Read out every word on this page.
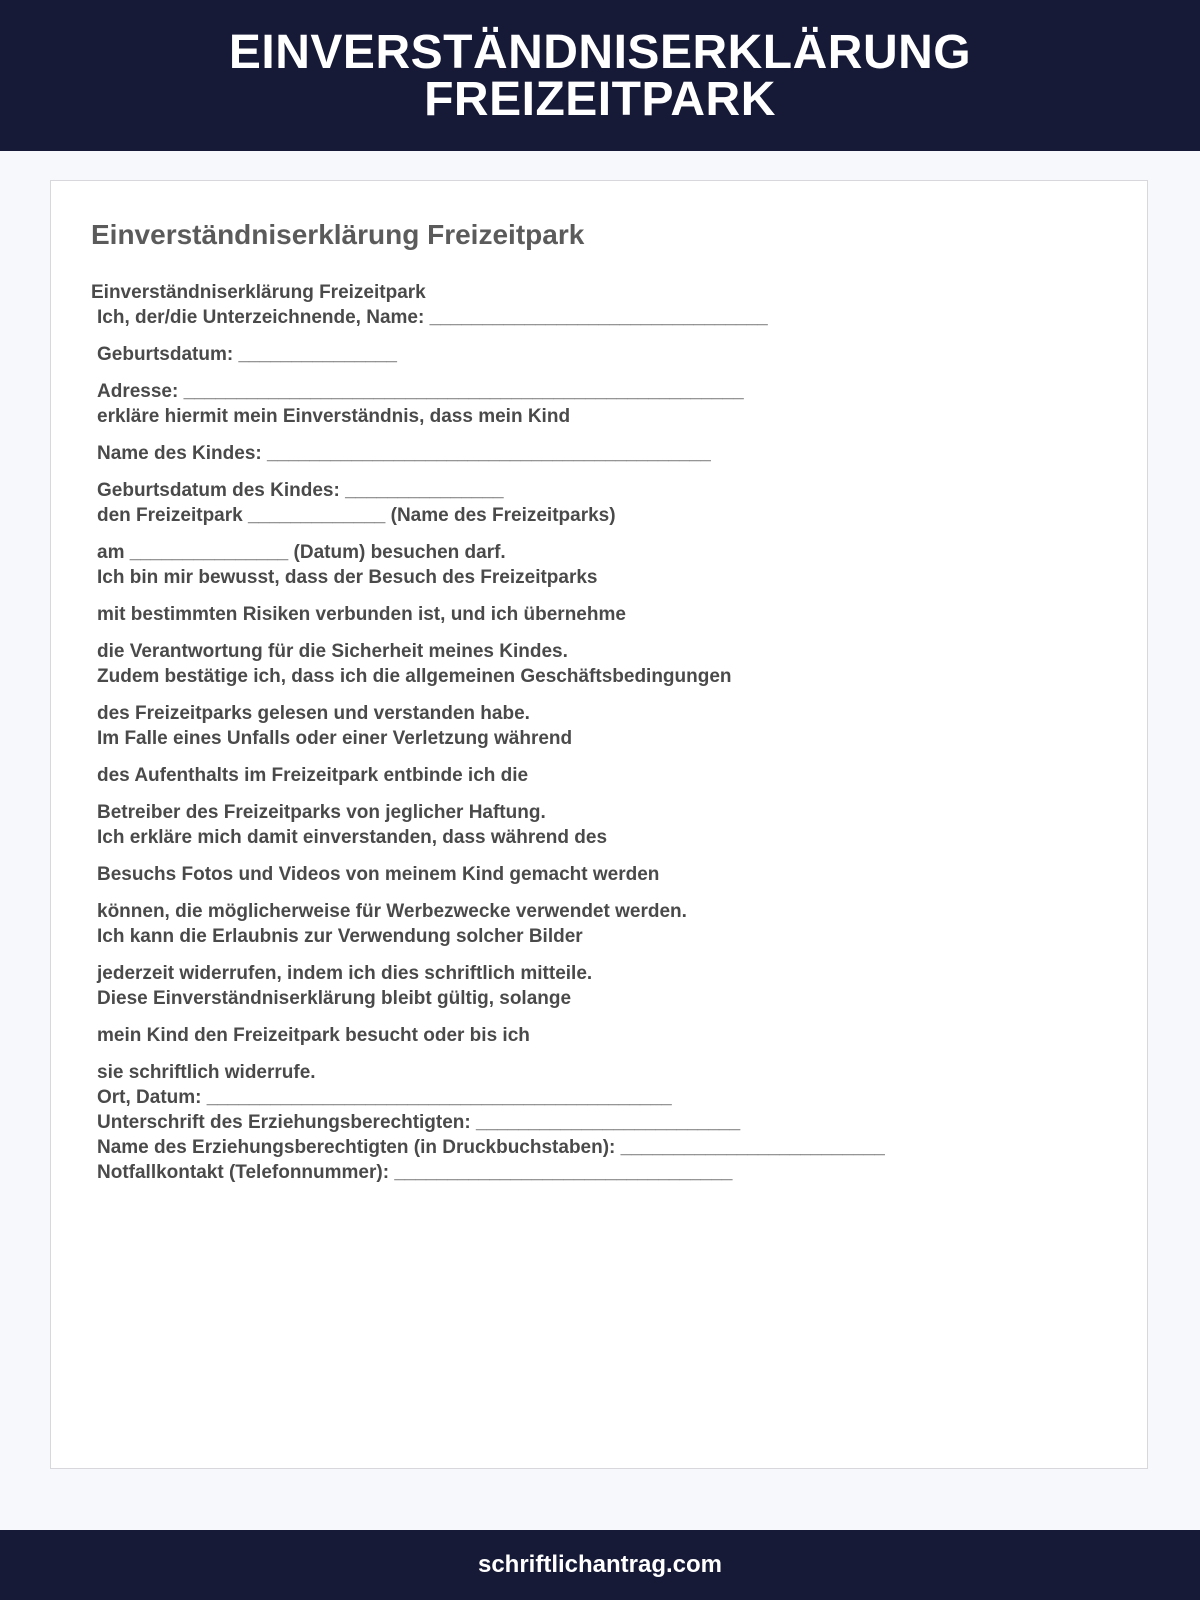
EINVERSTÄNDNISERKLÄRUNG
FREIZEITPARK
Einverständniserklärung Freizeitpark
Einverständniserklärung Freizeitpark
Ich, der/die Unterzeichnende, Name: ________________________________
Geburtsdatum: _______________
Adresse: _____________________________________________________
erkläre hiermit mein Einverständnis, dass mein Kind
Name des Kindes: __________________________________________
Geburtsdatum des Kindes: _______________
den Freizeitpark _____________ (Name des Freizeitparks)
am _______________ (Datum) besuchen darf.
Ich bin mir bewusst, dass der Besuch des Freizeitparks
mit bestimmten Risiken verbunden ist, und ich übernehme
die Verantwortung für die Sicherheit meines Kindes.
Zudem bestätige ich, dass ich die allgemeinen Geschäftsbedingungen
des Freizeitparks gelesen und verstanden habe.
Im Falle eines Unfalls oder einer Verletzung während
des Aufenthalts im Freizeitpark entbinde ich die
Betreiber des Freizeitparks von jeglicher Haftung.
Ich erkläre mich damit einverstanden, dass während des
Besuchs Fotos und Videos von meinem Kind gemacht werden
können, die möglicherweise für Werbezwecke verwendet werden.
Ich kann die Erlaubnis zur Verwendung solcher Bilder
jederzeit widerrufen, indem ich dies schriftlich mitteile.
Diese Einverständniserklärung bleibt gültig, solange
mein Kind den Freizeitpark besucht oder bis ich
sie schriftlich widerrufe.
Ort, Datum: ____________________________________________
Unterschrift des Erziehungsberechtigten: _________________________
Name des Erziehungsberechtigten (in Druckbuchstaben): _________________________
Notfallkontakt (Telefonnummer): ________________________________
schriftlichantrag.com
